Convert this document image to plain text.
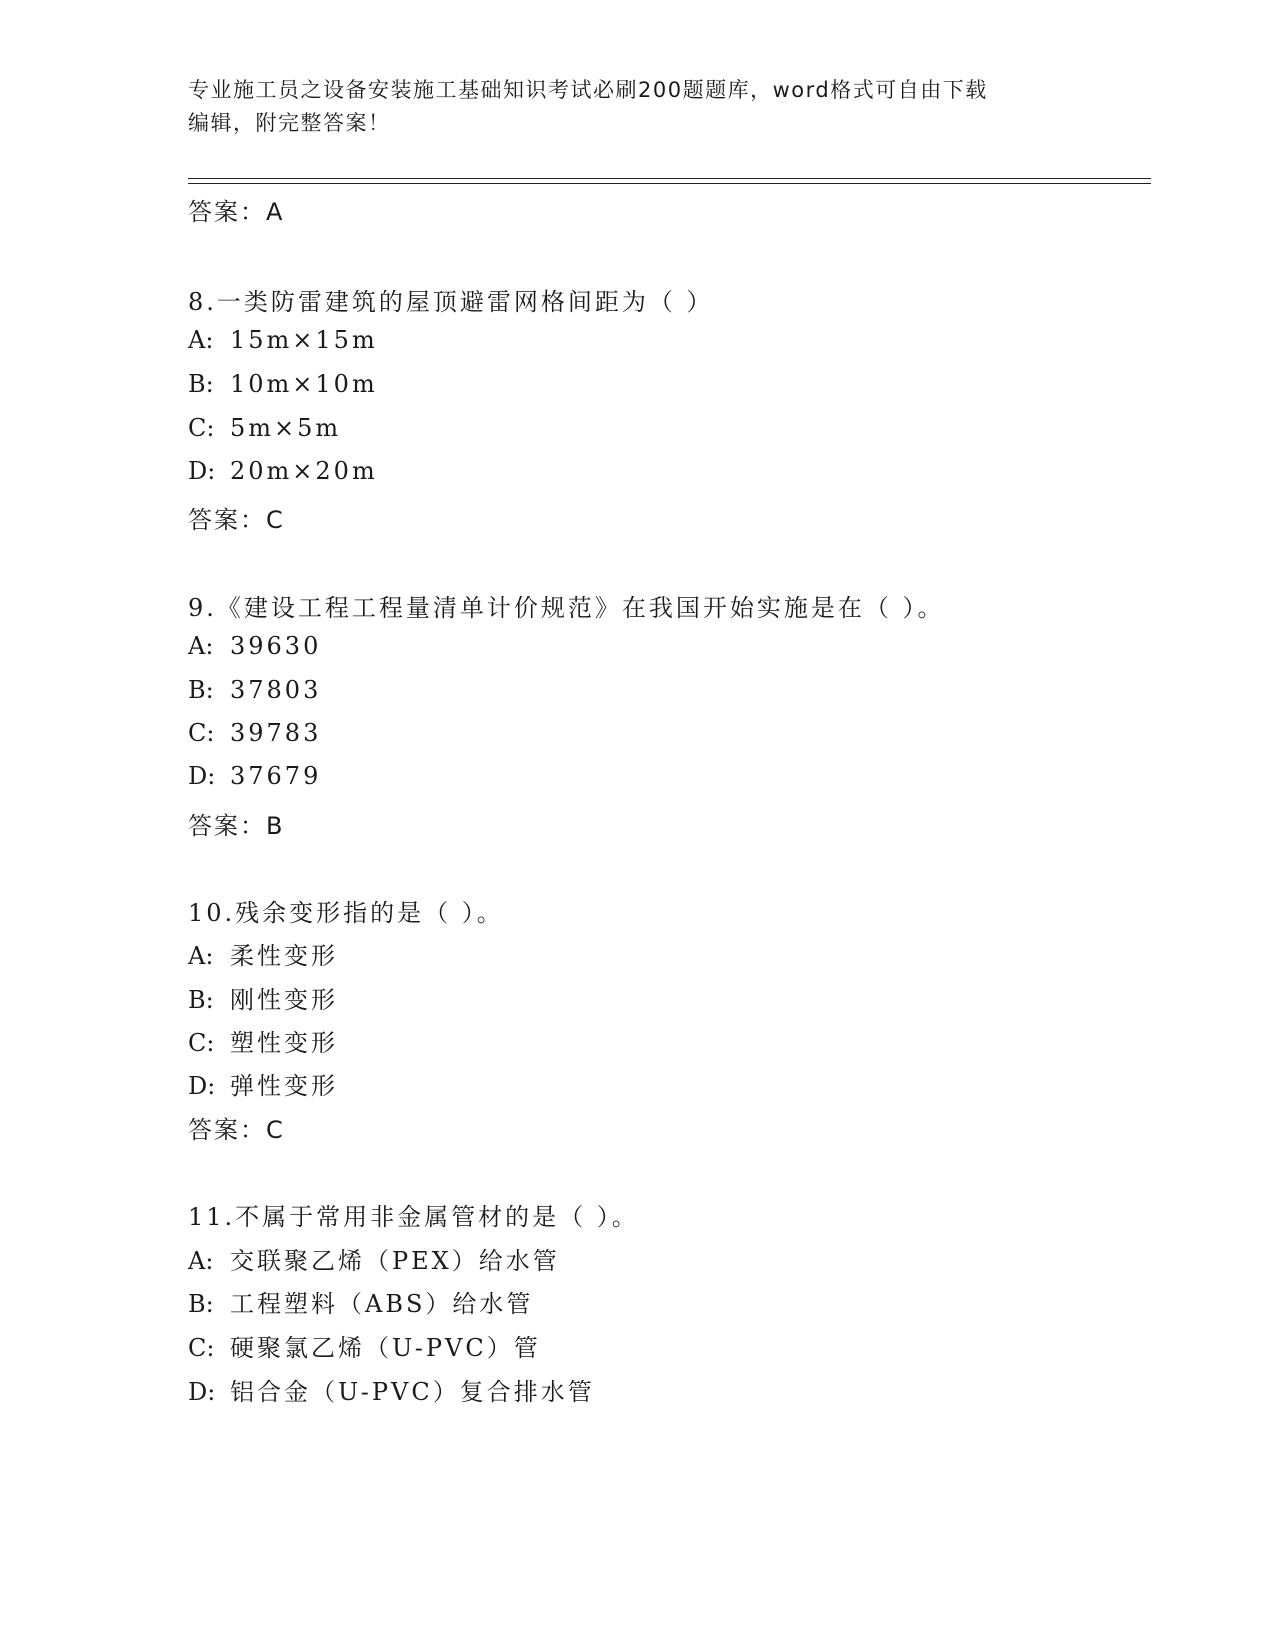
专业施工员之设备安装施工基础知识考试必刷200题题库，word格式可自由下载
编辑，附完整答案！
答案：A
8.一类防雷建筑的屋顶避雷网格间距为（ ）
A: 15m×15m
B: 10m×10m
C: 5m×5m
D: 20m×20m
答案：C
9.《建设工程工程量清单计价规范》在我国开始实施是在（ ）。
A: 39630
B: 37803
C: 39783
D: 37679
答案：B
10.残余变形指的是（ ）。
A: 柔性变形
B: 刚性变形
C: 塑性变形
D: 弹性变形
答案：C
11.不属于常用非金属管材的是（ ）。
A: 交联聚乙烯（PEX）给水管
B: 工程塑料（ABS）给水管
C: 硬聚氯乙烯（U-PVC）管
D: 铝合金（U-PVC）复合排水管
